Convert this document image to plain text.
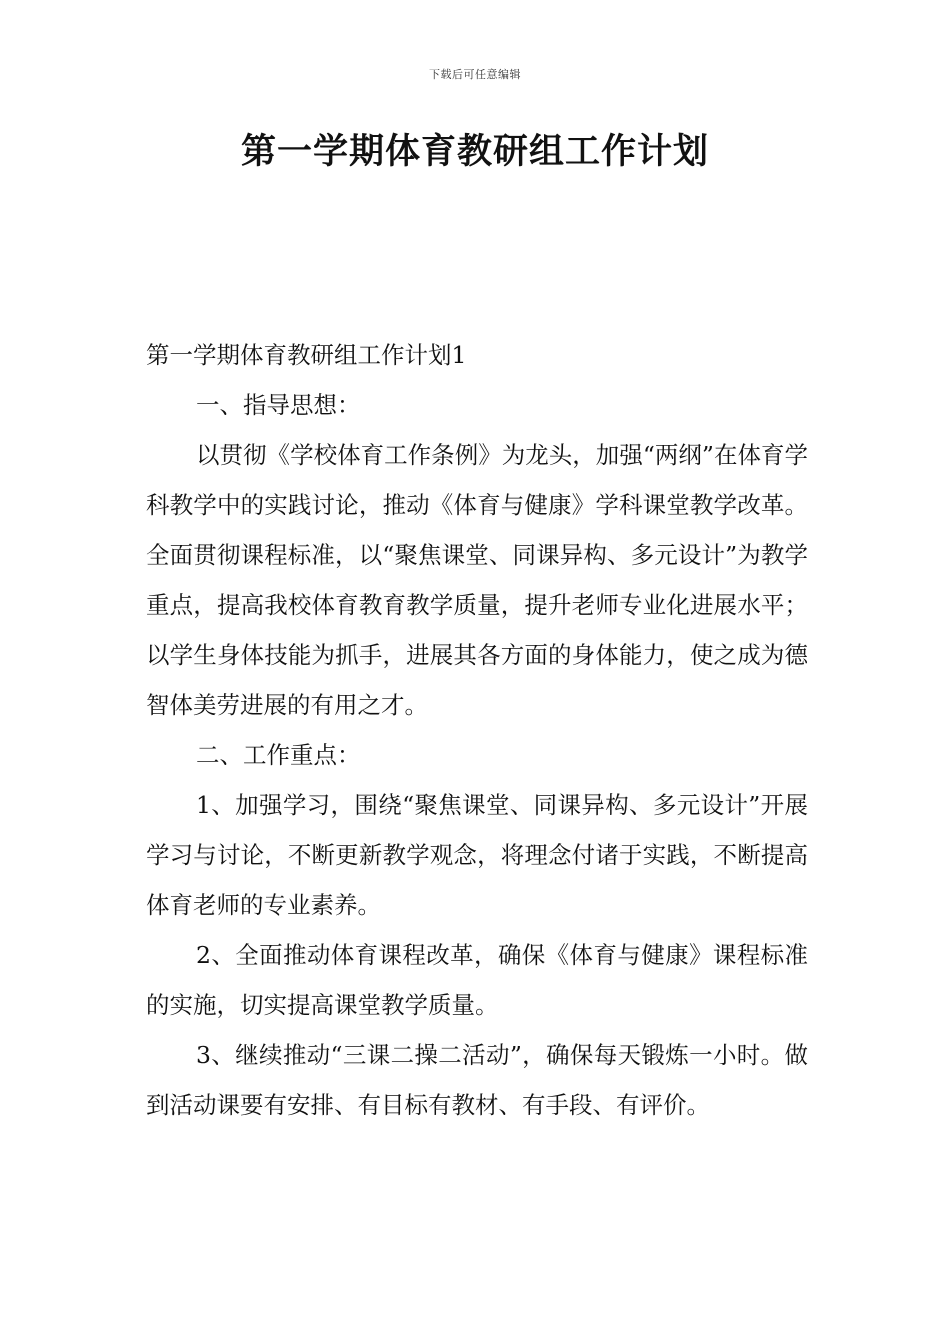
下载后可任意编辑
第一学期体育教研组工作计划

第一学期体育教研组工作计划1

一、指导思想：

以贯彻《学校体育工作条例》为龙头，加强“两纲”在体育学科教学中的实践讨论，推动《体育与健康》学科课堂教学改革。全面贯彻课程标准，以“聚焦课堂、同课异构、多元设计”为教学重点，提高我校体育教育教学质量，提升老师专业化进展水平；以学生身体技能为抓手，进展其各方面的身体能力，使之成为德智体美劳进展的有用之才。

二、工作重点：

1、加强学习，围绕“聚焦课堂、同课异构、多元设计”开展学习与讨论，不断更新教学观念，将理念付诸于实践，不断提高体育老师的专业素养。

2、全面推动体育课程改革，确保《体育与健康》课程标准的实施，切实提高课堂教学质量。

3、继续推动“三课二操二活动”，确保每天锻炼一小时。做到活动课要有安排、有目标有教材、有手段、有评价。
